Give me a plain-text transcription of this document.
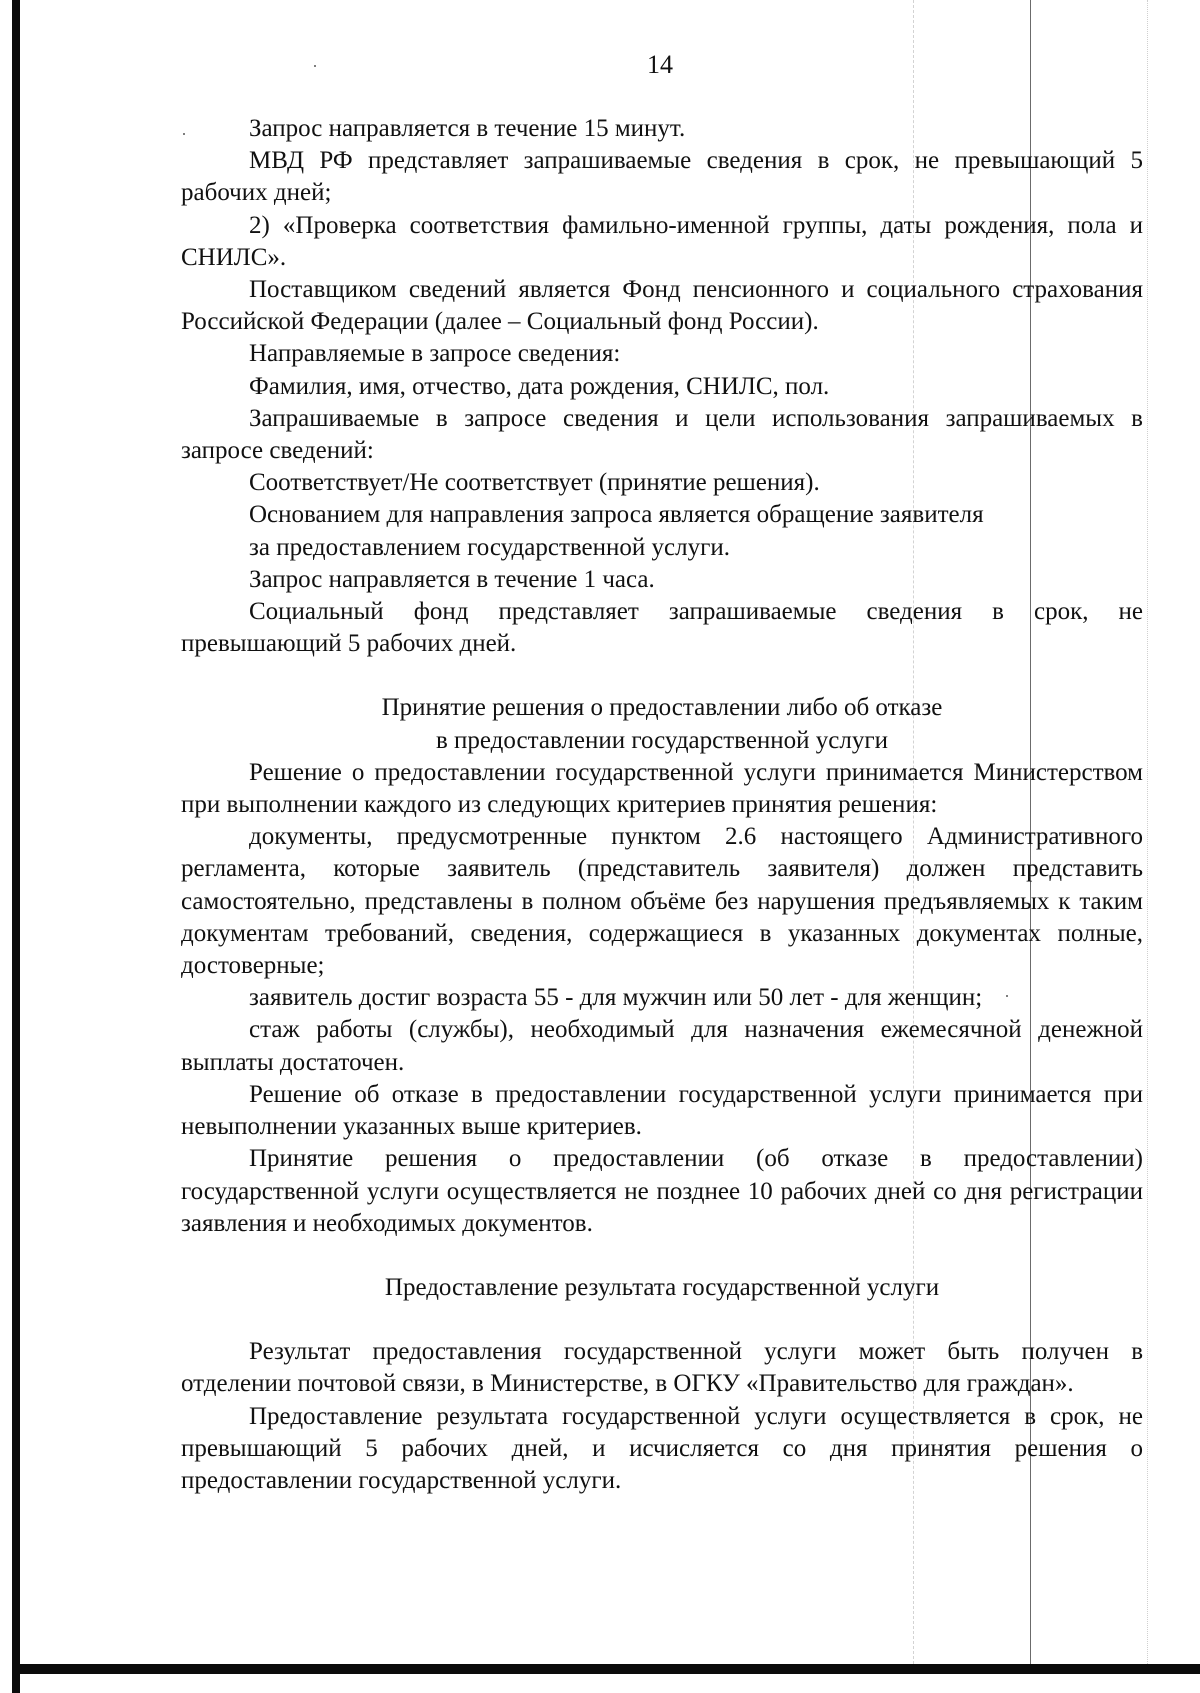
14

Запрос направляется в течение 15 минут.

МВД РФ представляет запрашиваемые сведения в срок, не превышающий 5 рабочих дней;

2) «Проверка соответствия фамильно-именной группы, даты рождения, пола и СНИЛС».

Поставщиком сведений является Фонд пенсионного и социального страхования Российской Федерации (далее – Социальный фонд России).

Направляемые в запросе сведения:

Фамилия, имя, отчество, дата рождения, СНИЛС, пол.

Запрашиваемые в запросе сведения и цели использования запрашиваемых в запросе сведений:

Соответствует/Не соответствует (принятие решения).

Основанием для направления запроса является обращение заявителя

за предоставлением государственной услуги.

Запрос направляется в течение 1 часа.

Социальный фонд представляет запрашиваемые сведения в срок, не превышающий 5 рабочих дней.

Принятие решения о предоставлении либо об отказе
в предоставлении государственной услуги

Решение о предоставлении государственной услуги принимается Министерством при выполнении каждого из следующих критериев принятия решения:

документы, предусмотренные пунктом 2.6 настоящего Административного регламента, которые заявитель (представитель заявителя) должен представить самостоятельно, представлены в полном объёме без нарушения предъявляемых к таким документам требований, сведения, содержащиеся в указанных документах полные, достоверные;

заявитель достиг возраста 55 - для мужчин или 50 лет - для женщин;

стаж работы (службы), необходимый для назначения ежемесячной денежной выплаты достаточен.

Решение об отказе в предоставлении государственной услуги принимается при невыполнении указанных выше критериев.

Принятие решения о предоставлении (об отказе в предоставлении) государственной услуги осуществляется не позднее 10 рабочих дней со дня регистрации заявления и необходимых документов.

Предоставление результата государственной услуги

Результат предоставления государственной услуги может быть получен в отделении почтовой связи, в Министерстве, в ОГКУ «Правительство для граждан».

Предоставление результата государственной услуги осуществляется в срок, не превышающий 5 рабочих дней, и исчисляется со дня принятия решения о предоставлении государственной услуги.
